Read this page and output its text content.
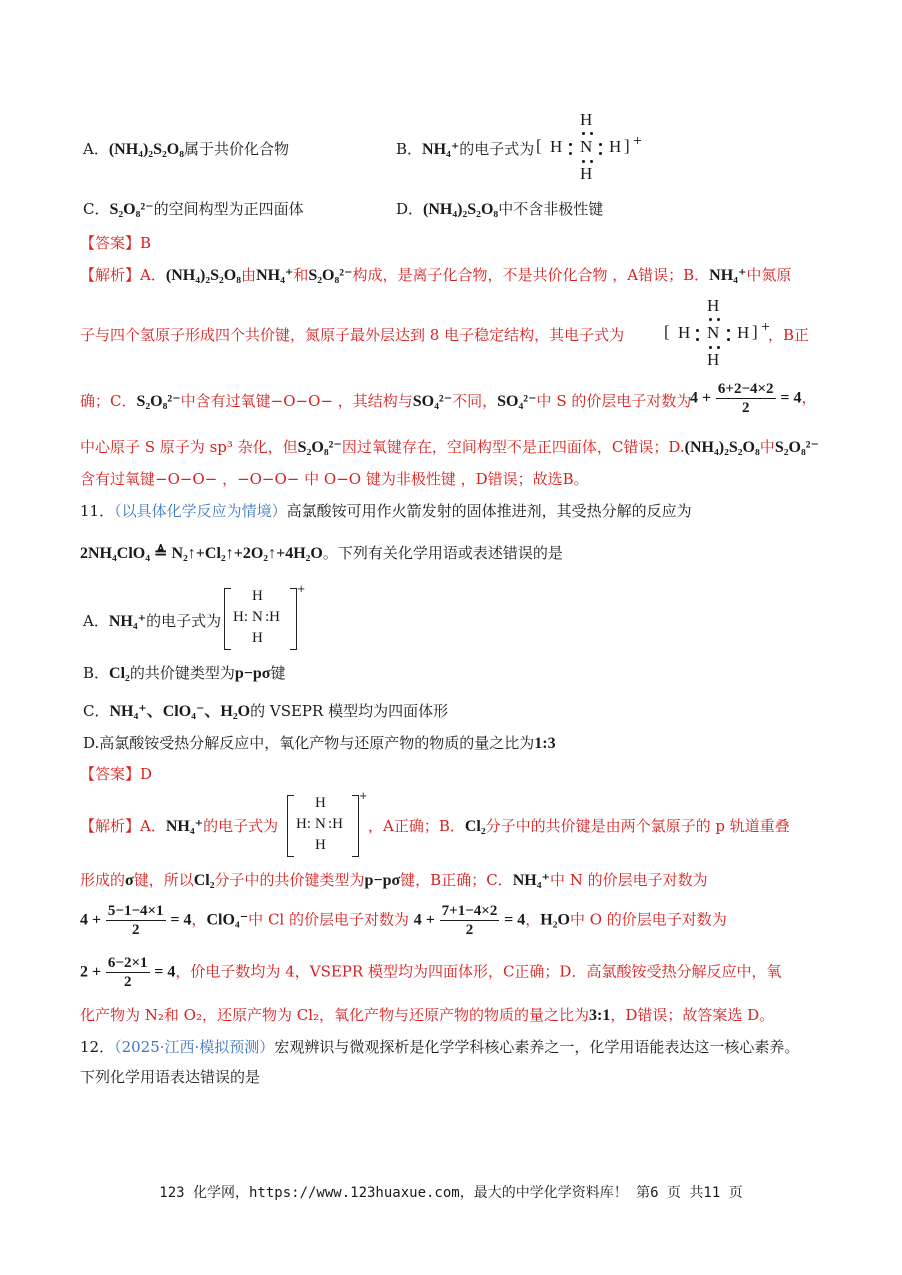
A．(NH₄)₂S₂O₈属于共价化合物	B．NH₄⁺的电子式为 [ H
H
N
H
H ] +
C．S₂O₈²⁻的空间构型为正四面体	D．(NH₄)₂S₂O₈中不含非极性键
【答案】B
【解析】A．(NH₄)₂S₂O₈由NH₄⁺和S₂O₈²⁻构成，是离子化合物，不是共价化合物 ，A错误；B．NH₄⁺中氮原
子与四个氢原子形成四个共价键，氮原子最外层达到 8 电子稳定结构，其电子式为 [ H
H
N
H
H ] +
，B正
确；C．S₂O₈²⁻中含有过氧键−O−O− ，其结构与SO₄²⁻不同，SO₄²⁻中 S 的价层电子对数为
$4 + \frac{6+2-4\times 2}{2} = 4$，
中心原子 S 原子为 sp³ 杂化，但S₂O₈²⁻因过氧键存在，空间构型不是正四面体，C错误；D.(NH₄)₂S₂O₈中S₂O₈²⁻
含有过氧键−O−O− ，−O−O− 中 O−O 键为非极性键 ，D错误；故选B。
11．（以具体化学反应为情境）高氯酸铵可用作火箭发射的固体推进剂，其受热分解的反应为
2NH₄ClO₄ ≜ N₂↑+Cl₂↑+2O₂↑+4H₂O。下列有关化学用语或表述错误的是
A．NH₄⁺的电子式为
+
H
H: N :H
H
B．Cl₂的共价键类型为p−pσ键
C．NH₄⁺、ClO₄⁻、H₂O的 VSEPR 模型均为四面体形
D.高氯酸铵受热分解反应中，氧化产物与还原产物的物质的量之比为1:3
【答案】D
【解析】A．NH₄⁺的电子式为
+
H
H: N :H
H
，A正确；B．Cl₂分子中的共价键是由两个氯原子的 p 轨道重叠
形成的σ键，所以Cl₂分子中的共价键类型为p−pσ键，B正确；C．NH₄⁺中 N 的价层电子对数为
$4 + \frac{5-1-4\times 1}{2} = 4$，ClO₄⁻中 Cl 的价层电子对数为 $4 + \frac{7+1-4\times 2}{2} = 4$，H₂O中 O 的价层电子对数为
$2 + \frac{6-2\times 1}{2} = 4$，价电子数均为 4，VSEPR 模型均为四面体形，C正确；D．高氯酸铵受热分解反应中，氧
化产物为 N₂和 O₂，还原产物为 Cl₂，氧化产物与还原产物的物质的量之比为3:1，D错误；故答案选 D。
12．（2025·江西·模拟预测）宏观辨识与微观探析是化学学科核心素养之一，化学用语能表达这一核心素养。
下列化学用语表达错误的是
123 化学网，https://www.123huaxue.com，最大的中学化学资料库！ 第6 页 共11 页
